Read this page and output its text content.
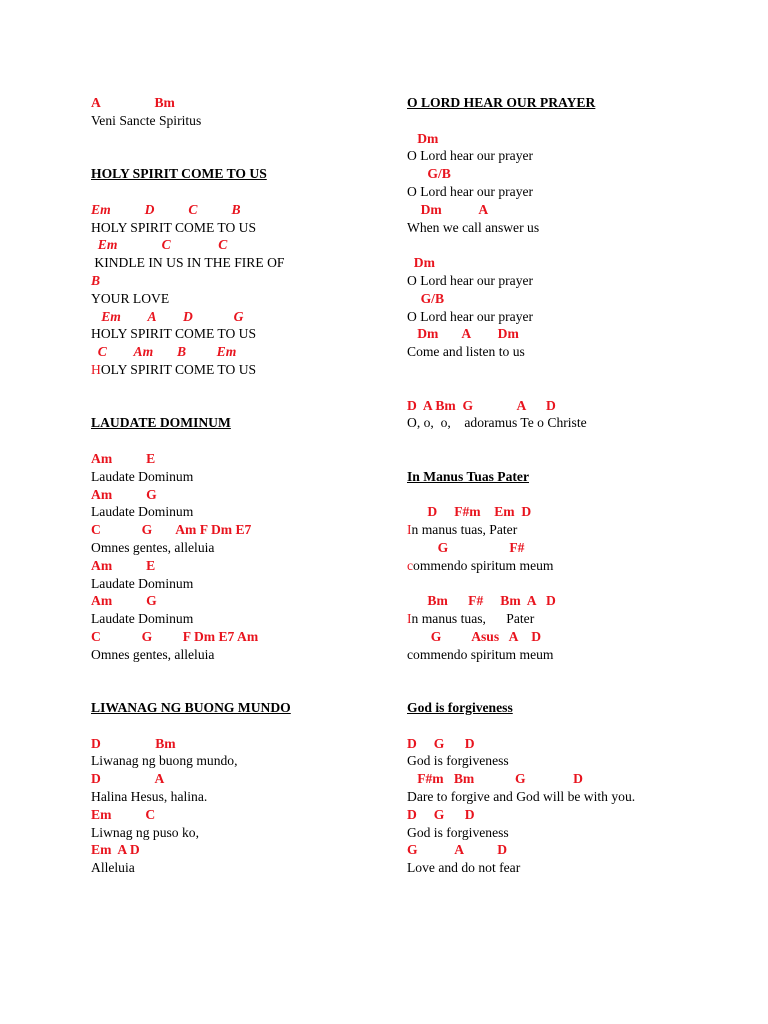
A                Bm
Veni Sancte Spiritus
HOLY SPIRIT COME TO US
Em          D          C          B
HOLY SPIRIT COME TO US
Em             C              C
KINDLE IN US IN THE FIRE OF
B
YOUR LOVE
Em        A        D            G
HOLY SPIRIT COME TO US
C        Am       B         Em
HOLY SPIRIT COME TO US
LAUDATE DOMINUM
Am          E
Laudate Dominum
Am          G
Laudate Dominum
C            G       Am F Dm E7
Omnes gentes, alleluia
Am          E
Laudate Dominum
Am          G
Laudate Dominum
C            G         F Dm E7 Am
Omnes gentes, alleluia
LIWANAG NG BUONG MUNDO
D                Bm
Liwanag ng buong mundo,
D                A
Halina Hesus, halina.
Em          C
Liwnag ng puso ko,
Em  A D
Alleluia
O LORD HEAR OUR PRAYER
Dm
O Lord hear our prayer
G/B
O Lord hear our prayer
Dm           A
When we call answer us
Dm
O Lord hear our prayer
G/B
O Lord hear our prayer
Dm       A        Dm
Come and listen to us
D  A Bm  G             A      D
O, o,  o,    adoramus Te o Christe
In Manus Tuas Pater
D     F#m    Em  D
In manus tuas, Pater
G                  F#
commendo spiritum meum
Bm      F#     Bm  A   D
In manus tuas,      Pater
G         Asus   A    D
commendo spiritum meum
God is forgiveness
D     G      D
God is forgiveness
F#m   Bm            G              D
Dare to forgive and God will be with you.
D     G      D
God is forgiveness
G           A          D
Love and do not fear
